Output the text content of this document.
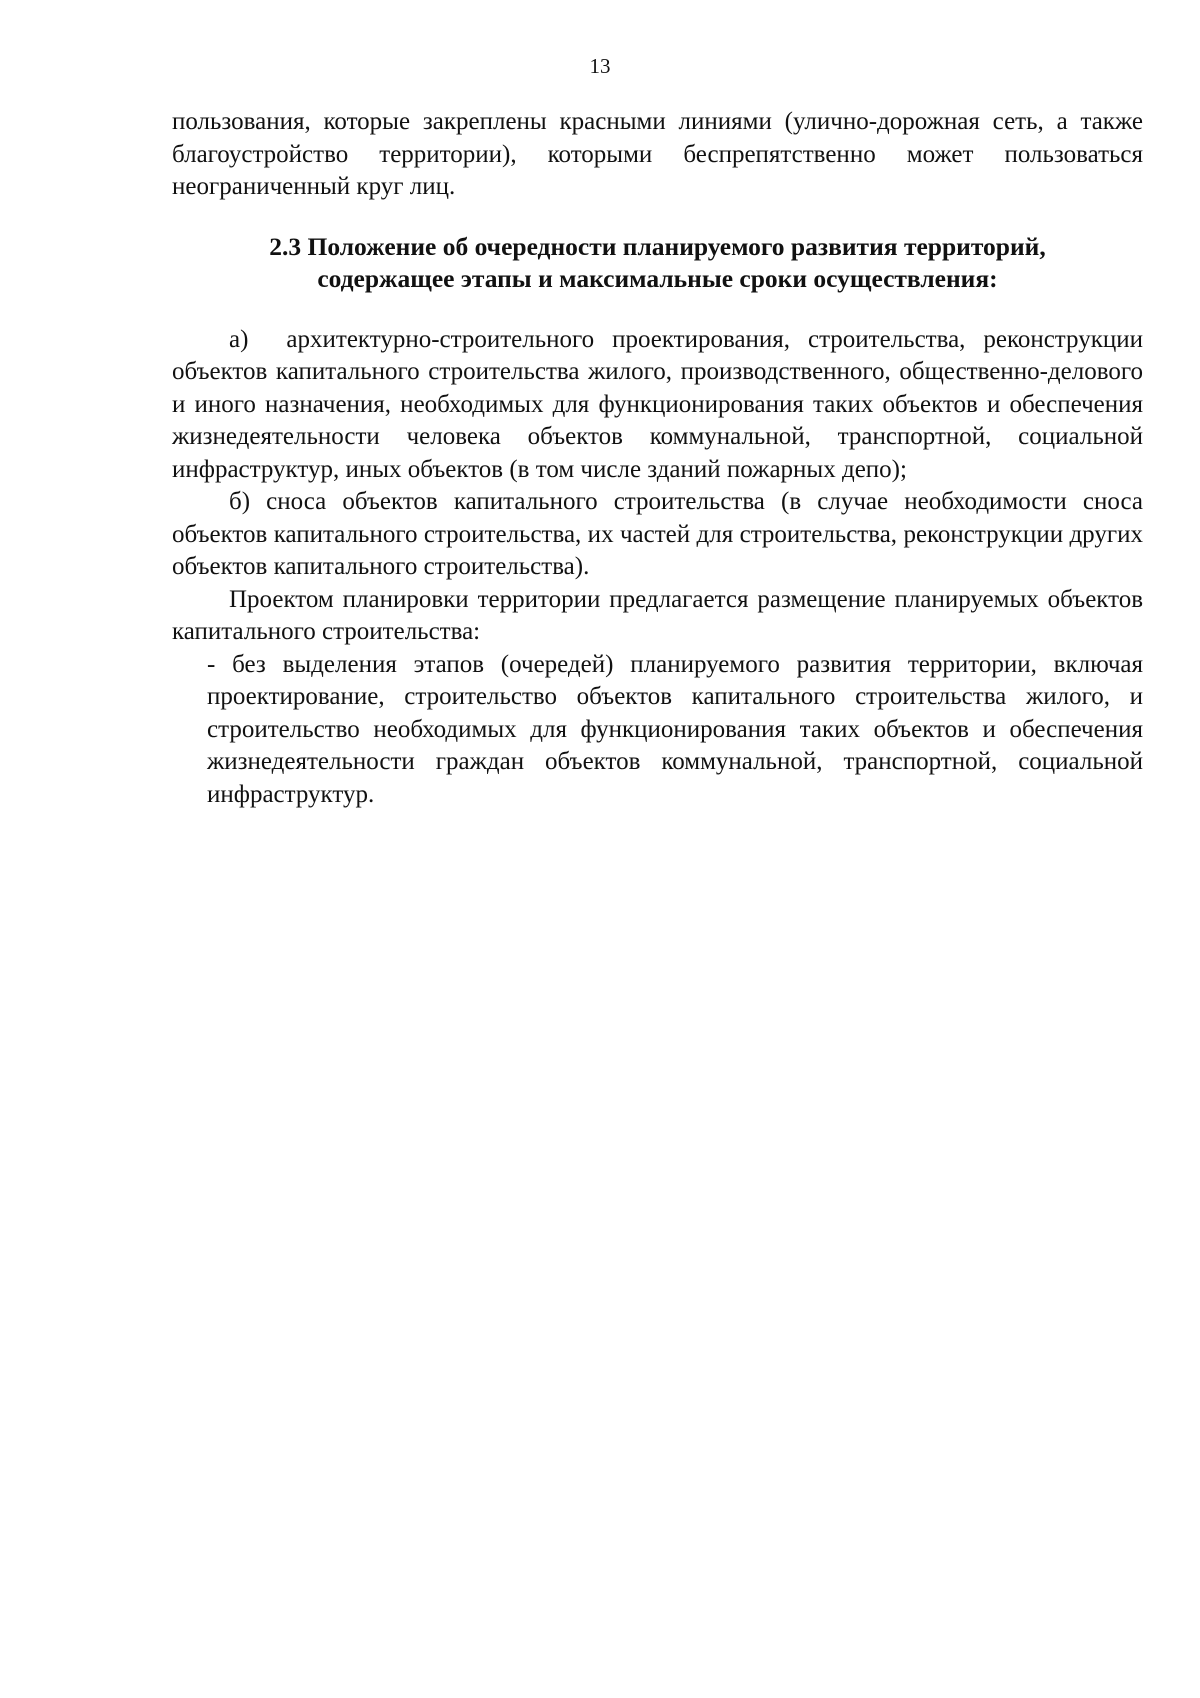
13

пользования, которые закреплены красными линиями (улично-дорожная сеть, а также благоустройство территории), которыми беспрепятственно может пользоваться неограниченный круг лиц.

2.3 Положение об очередности планируемого развития территорий,
содержащее этапы и максимальные сроки осуществления:

а) архитектурно-строительного проектирования, строительства, реконструкции объектов капитального строительства жилого, производственного, общественно-делового и иного назначения, необходимых для функционирования таких объектов и обеспечения жизнедеятельности человека объектов коммунальной, транспортной, социальной инфраструктур, иных объектов (в том числе зданий пожарных депо);

б) сноса объектов капитального строительства (в случае необходимости сноса объектов капитального строительства, их частей для строительства, реконструкции других объектов капитального строительства).

Проектом планировки территории предлагается размещение планируемых объектов капитального строительства:

- без выделения этапов (очередей) планируемого развития территории, включая проектирование, строительство объектов капитального строительства жилого, и строительство необходимых для функционирования таких объектов и обеспечения жизнедеятельности граждан объектов коммунальной, транспортной, социальной инфраструктур.
